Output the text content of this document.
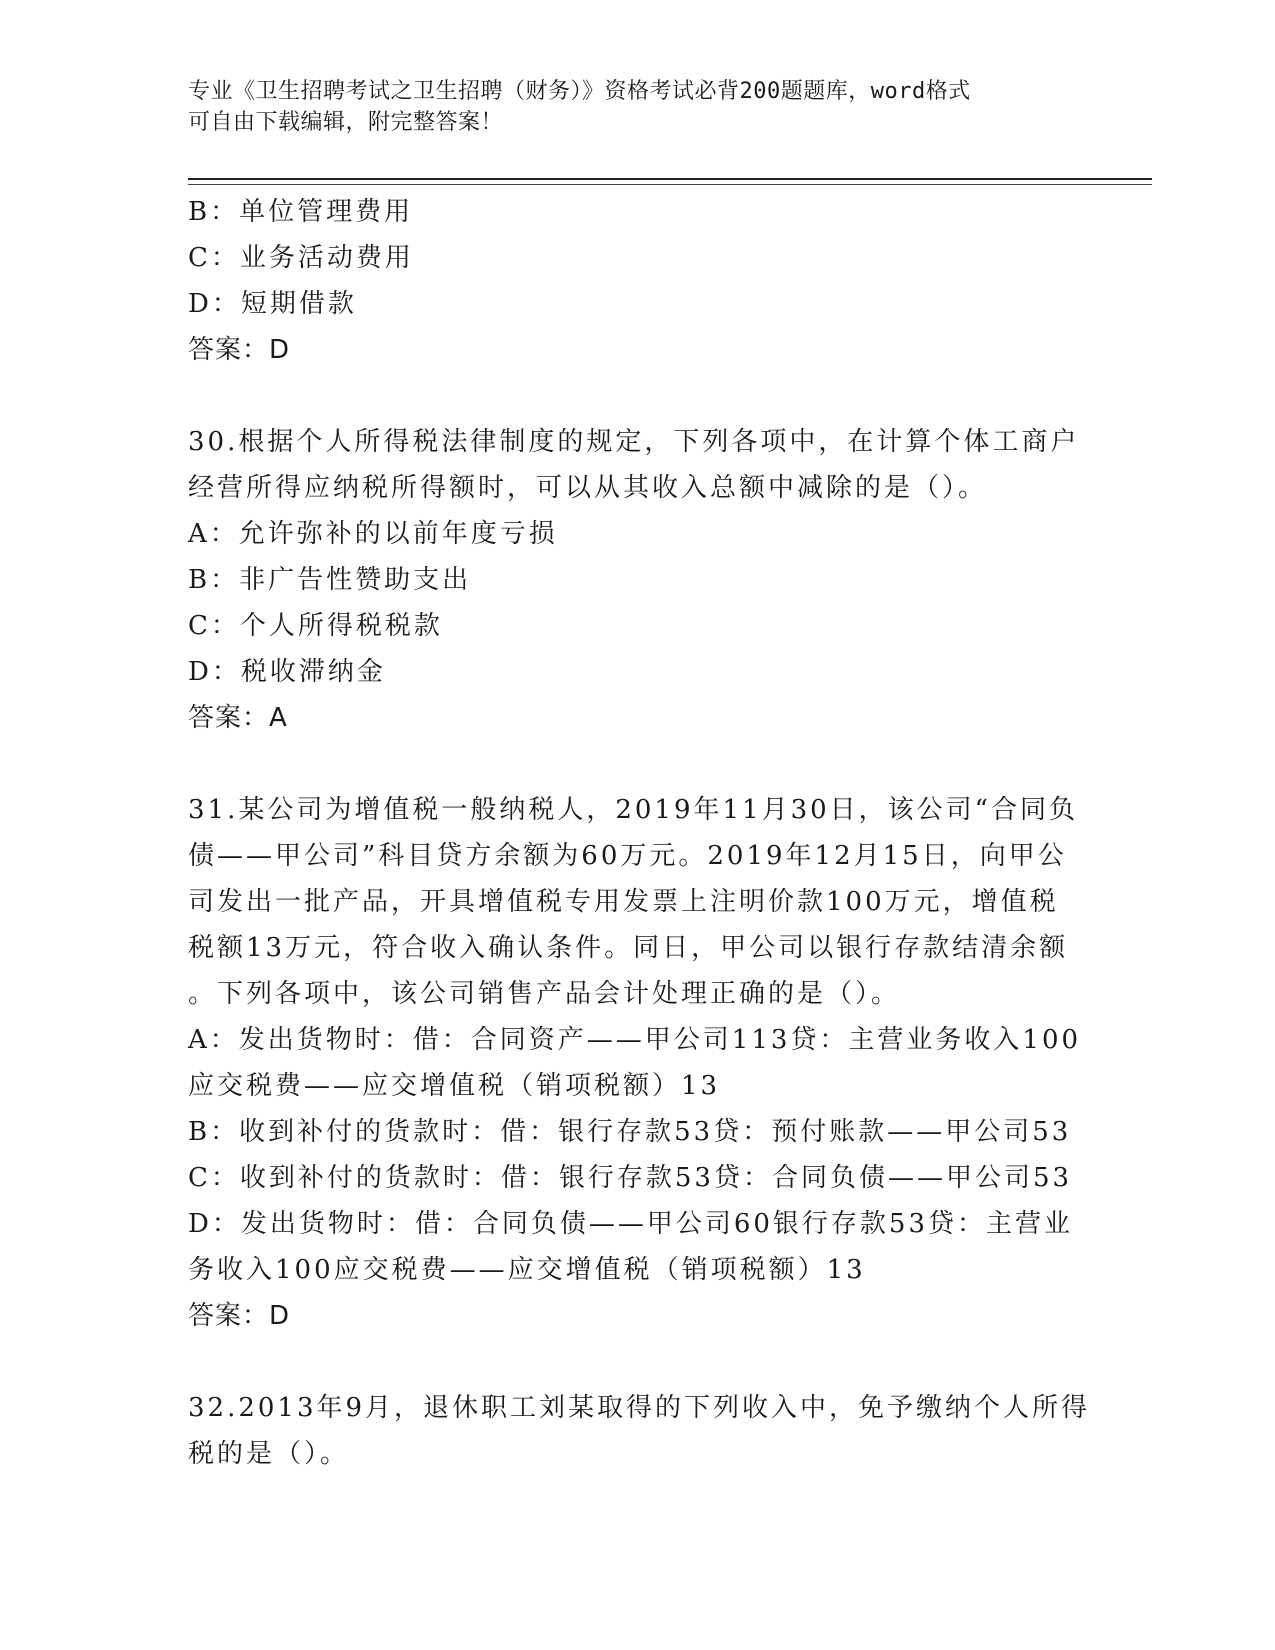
专业《卫生招聘考试之卫生招聘（财务）》资格考试必背200题题库，word格式
可自由下载编辑，附完整答案！
B：单位管理费用
C：业务活动费用
D：短期借款
答案：D
30.根据个人所得税法律制度的规定，下列各项中，在计算个体工商户
经营所得应纳税所得额时，可以从其收入总额中减除的是（）。
A：允许弥补的以前年度亏损
B：非广告性赞助支出
C：个人所得税税款
D：税收滞纳金
答案：A
31.某公司为增值税一般纳税人，2019年11月30日，该公司“合同负
债——甲公司”科目贷方余额为60万元。2019年12月15日，向甲公
司发出一批产品，开具增值税专用发票上注明价款100万元，增值税
税额13万元，符合收入确认条件。同日，甲公司以银行存款结清余额
。下列各项中，该公司销售产品会计处理正确的是（）。
A：发出货物时：借：合同资产——甲公司113贷：主营业务收入100
应交税费——应交增值税（销项税额）13
B：收到补付的货款时：借：银行存款53贷：预付账款——甲公司53
C：收到补付的货款时：借：银行存款53贷：合同负债——甲公司53
D：发出货物时：借：合同负债——甲公司60银行存款53贷：主营业
务收入100应交税费——应交增值税（销项税额）13
答案：D
32.2013年9月，退休职工刘某取得的下列收入中，免予缴纳个人所得
税的是（）。
